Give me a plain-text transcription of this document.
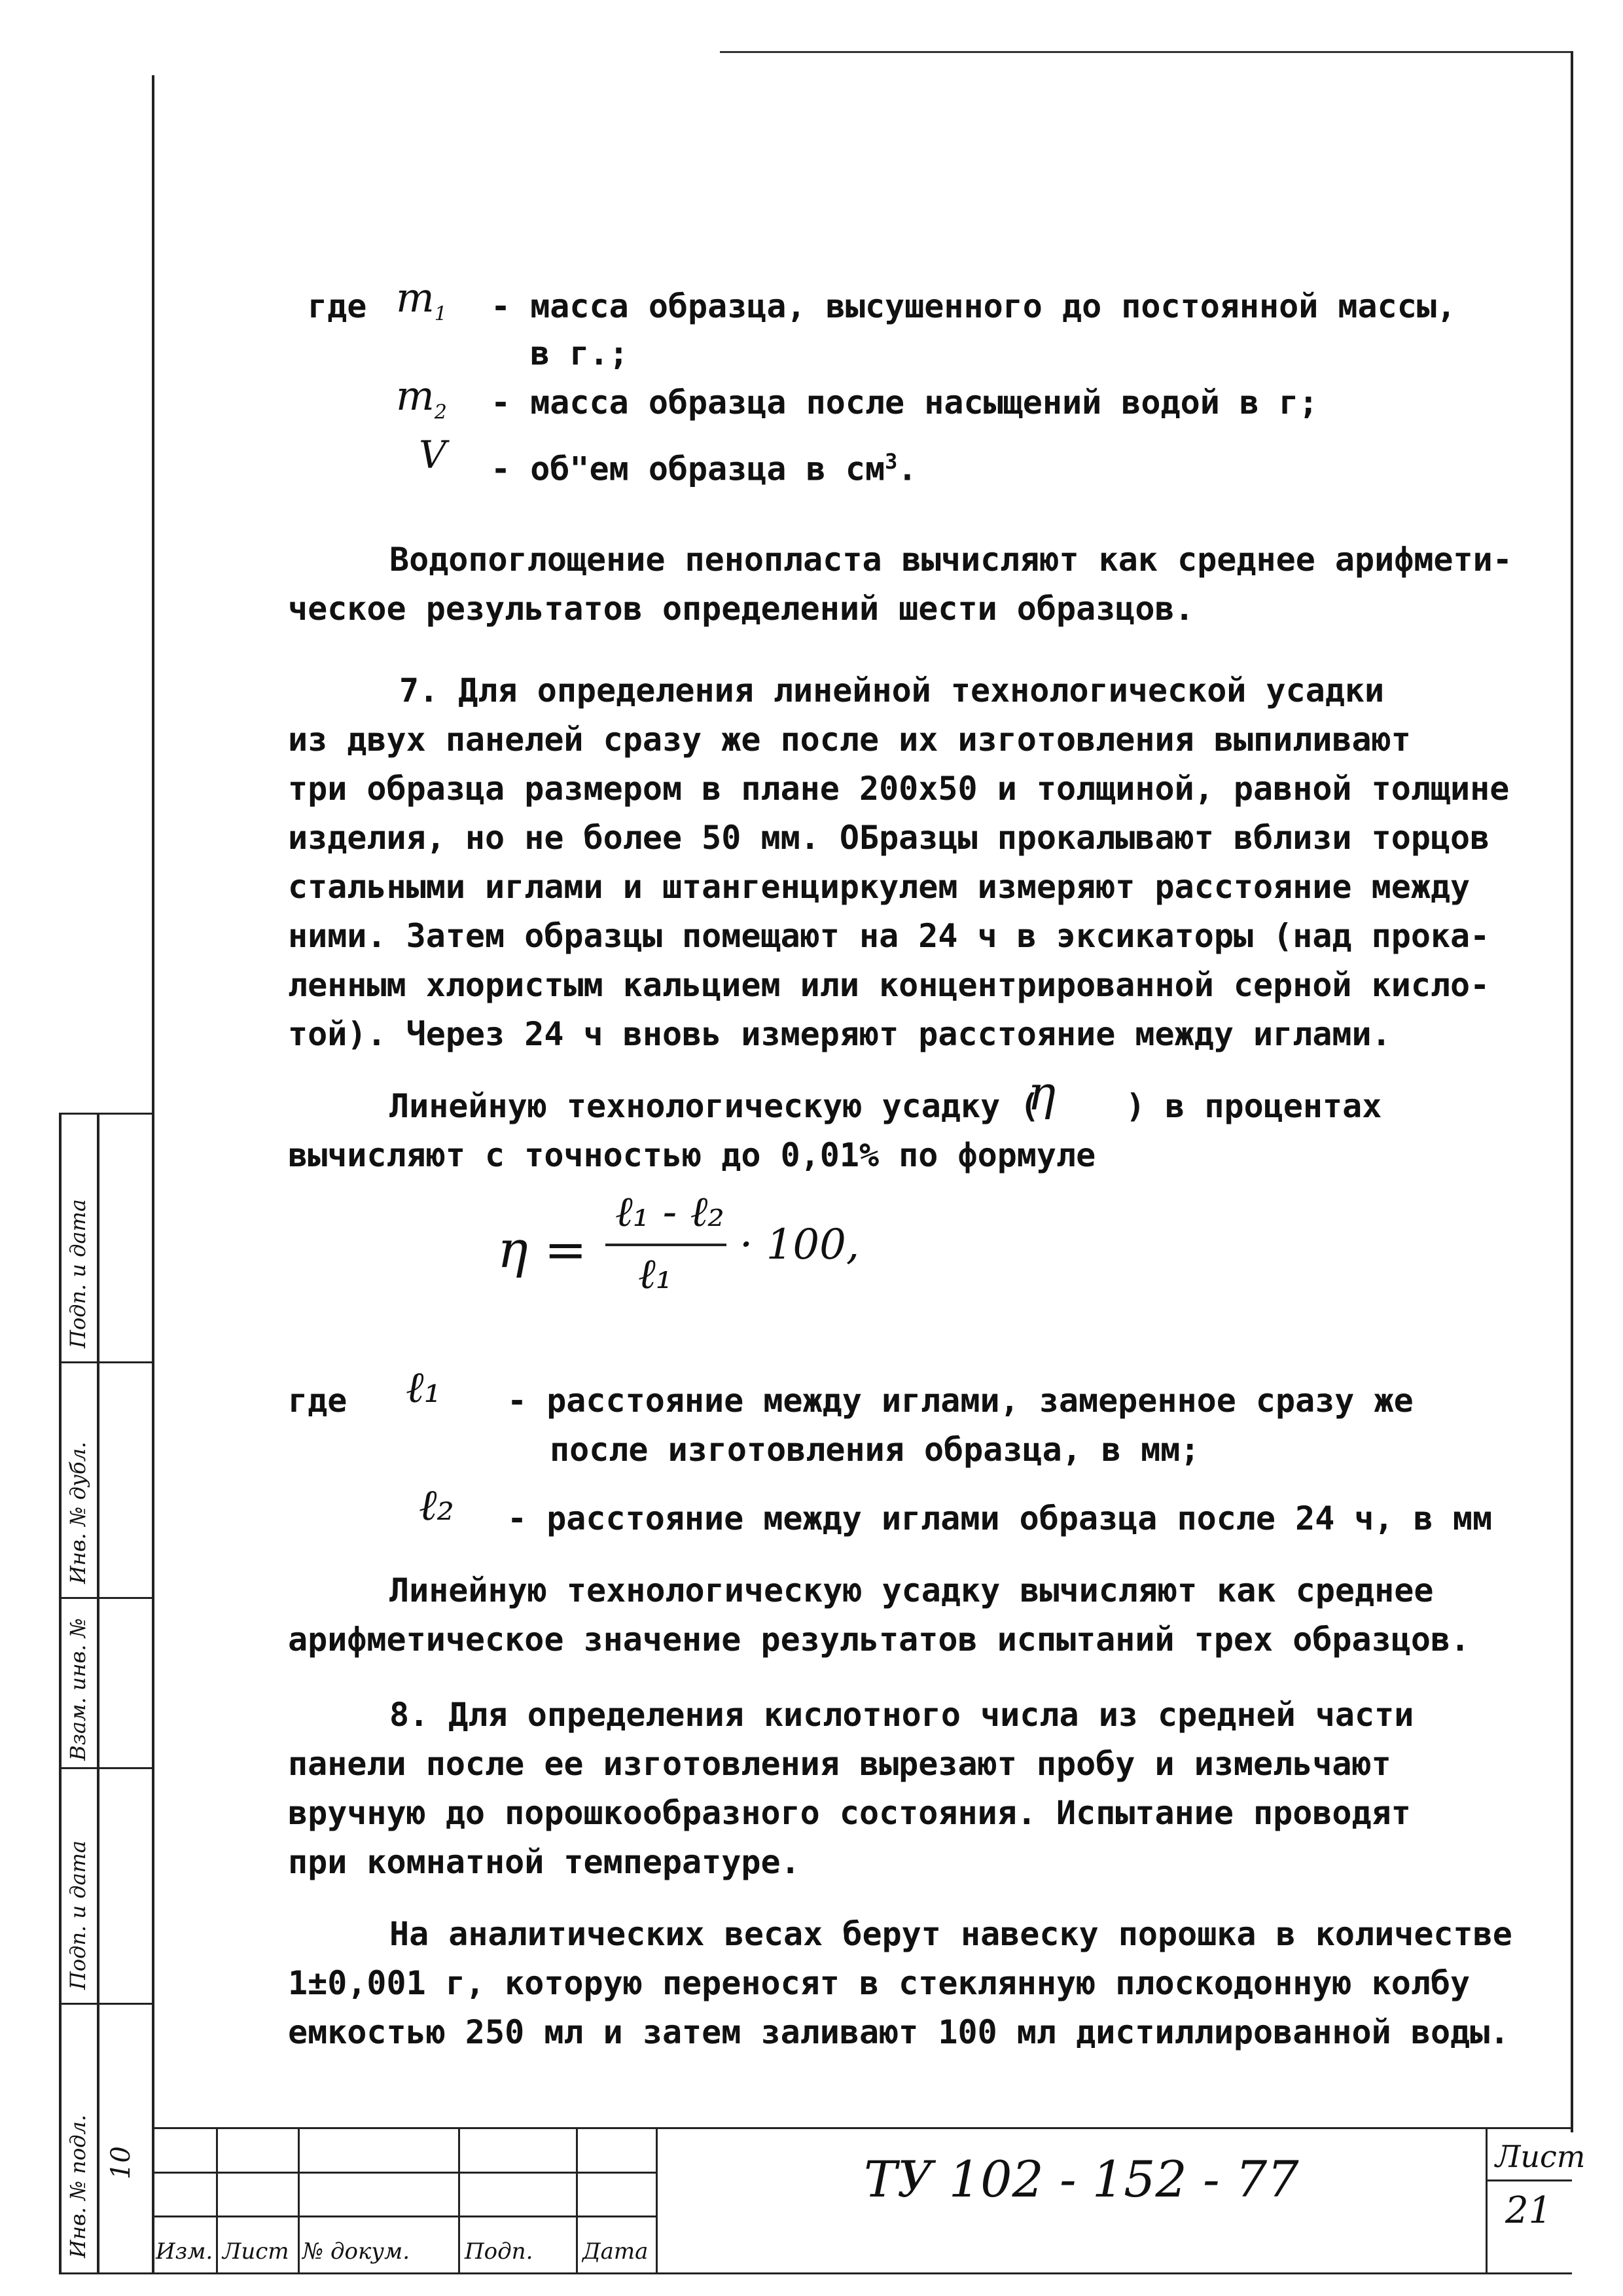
где $m_1$ - масса образца, высушенного до постоянной массы,
в г.;
$m_2$ - масса образца после насыщений водой в г;
V - об"ем образца в $см^3$.
Водопоглощение пенопласта вычисляют как среднее арифмети-
ческое результатов определений шести образцов.
7. Для определения линейной технологической усадки
из двух панелей сразу же после их изготовления выпиливают
три образца размером в плане 200х50 и толщиной, равной толщине
изделия, но не более 50 мм. ОБразцы прокалывают вблизи торцов
стальными иглами и штангенциркулем измеряют расстояние между
ними. Затем образцы помещают на 24 ч в эксикаторы (над прока-
ленным хлористым кальцием или концентрированной серной кисло-
той). Через 24 ч вновь измеряют расстояние между иглами.
Линейную технологическую усадку (
η ) в процентах
вычисляют с точностью до 0,01% по формуле
η =
ℓ₁ - ℓ₂
ℓ₁
· 100,
где ℓ₁ - расстояние между иглами, замеренное сразу же
после изготовления образца, в мм;
ℓ₂ - расстояние между иглами образца после 24 ч, в мм
Линейную технологическую усадку вычисляют как среднее
арифметическое значение результатов испытаний трех образцов.
8. Для определения кислотного числа из средней части
панели после ее изготовления вырезают пробу и измельчают
вручную до порошкообразного состояния. Испытание проводят
при комнатной температуре.
На аналитических весах берут навеску порошка в количестве
1±0,001 г, которую переносят в стеклянную плоскодонную колбу
емкостью 250 мл и затем заливают 100 мл дистиллированной воды.
Подп. и дата
Инв. № дубл.
Взам. инв. №
Подп. и дата
Инв. № подл. 10
Изм. Лист № докум. Подп. Дата
ТУ 102 - 152 - 77	Лист
21
